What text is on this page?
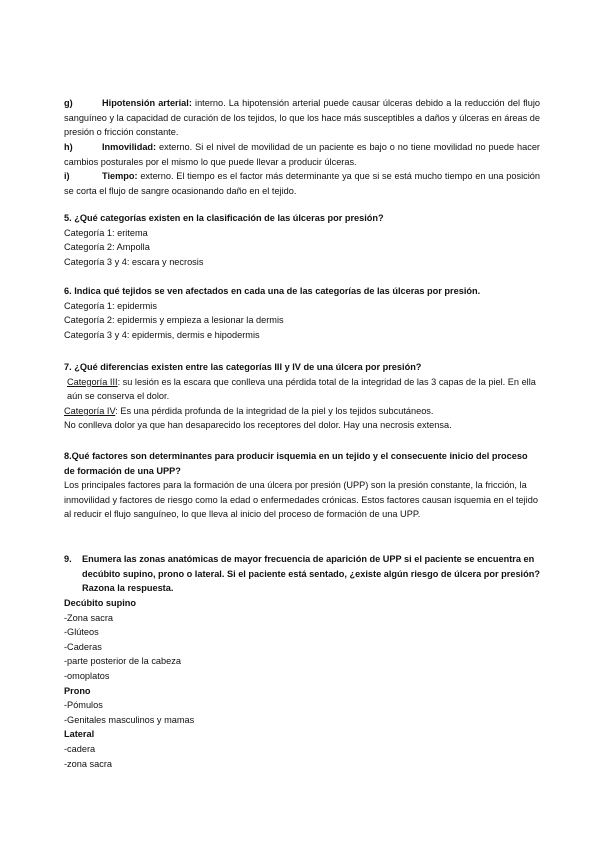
g)	Hipotensión arterial: interno. La hipotensión arterial puede causar úlceras debido a la reducción del flujo sanguíneo y la capacidad de curación de los tejidos, lo que los hace más susceptibles a daños y úlceras en áreas de presión o fricción constante.
h)	Inmovilidad: externo. Si el nivel de movilidad de un paciente es bajo o no tiene movilidad no puede hacer cambios posturales por el mismo lo que puede llevar a producir úlceras.
i)	Tiempo: externo. El tiempo es el factor más determinante ya que si se está mucho tiempo en una posición se corta el flujo de sangre ocasionando daño en el tejido.
5. ¿Qué categorías existen en la clasificación de las úlceras por presión?
Categoría 1: eritema
Categoría 2: Ampolla
Categoría 3 y 4: escara y necrosis
6. Indica qué tejidos se ven afectados en cada una de las categorías de las úlceras por presión.
Categoría 1: epidermis
Categoría 2: epidermis y empieza a lesionar la dermis
Categoría 3 y 4: epidermis, dermis e hipodermis
7. ¿Qué diferencias existen entre las categorías III y IV de una úlcera por presión?
Categoría III: su lesión es la escara que conlleva una pérdida total de la integridad de las 3 capas de la piel. En ella aún se conserva el dolor.
Categoría IV: Es una pérdida profunda de la integridad de la piel y los tejidos subcutáneos.
No conlleva dolor ya que han desaparecido los receptores del dolor. Hay una necrosis extensa.
8.Qué factores son determinantes para producir isquemia en un tejido y el consecuente inicio del proceso de formación de una UPP?
Los principales factores para la formación de una úlcera por presión (UPP) son la presión constante, la fricción, la inmovilidad y factores de riesgo como la edad o enfermedades crónicas. Estos factores causan isquemia en el tejido al reducir el flujo sanguíneo, lo que lleva al inicio del proceso de formación de una UPP.
9.	Enumera las zonas anatómicas de mayor frecuencia de aparición de UPP si el paciente se encuentra en decúbito supino, prono o lateral. Si el paciente está sentado, ¿existe algún riesgo de úlcera por presión? Razona la respuesta.
Decúbito supino
-Zona sacra
-Glúteos
-Caderas
-parte posterior de la cabeza
-omoplatos
Prono
-Pómulos
-Genitales masculinos y mamas
Lateral
-cadera
-zona sacra
